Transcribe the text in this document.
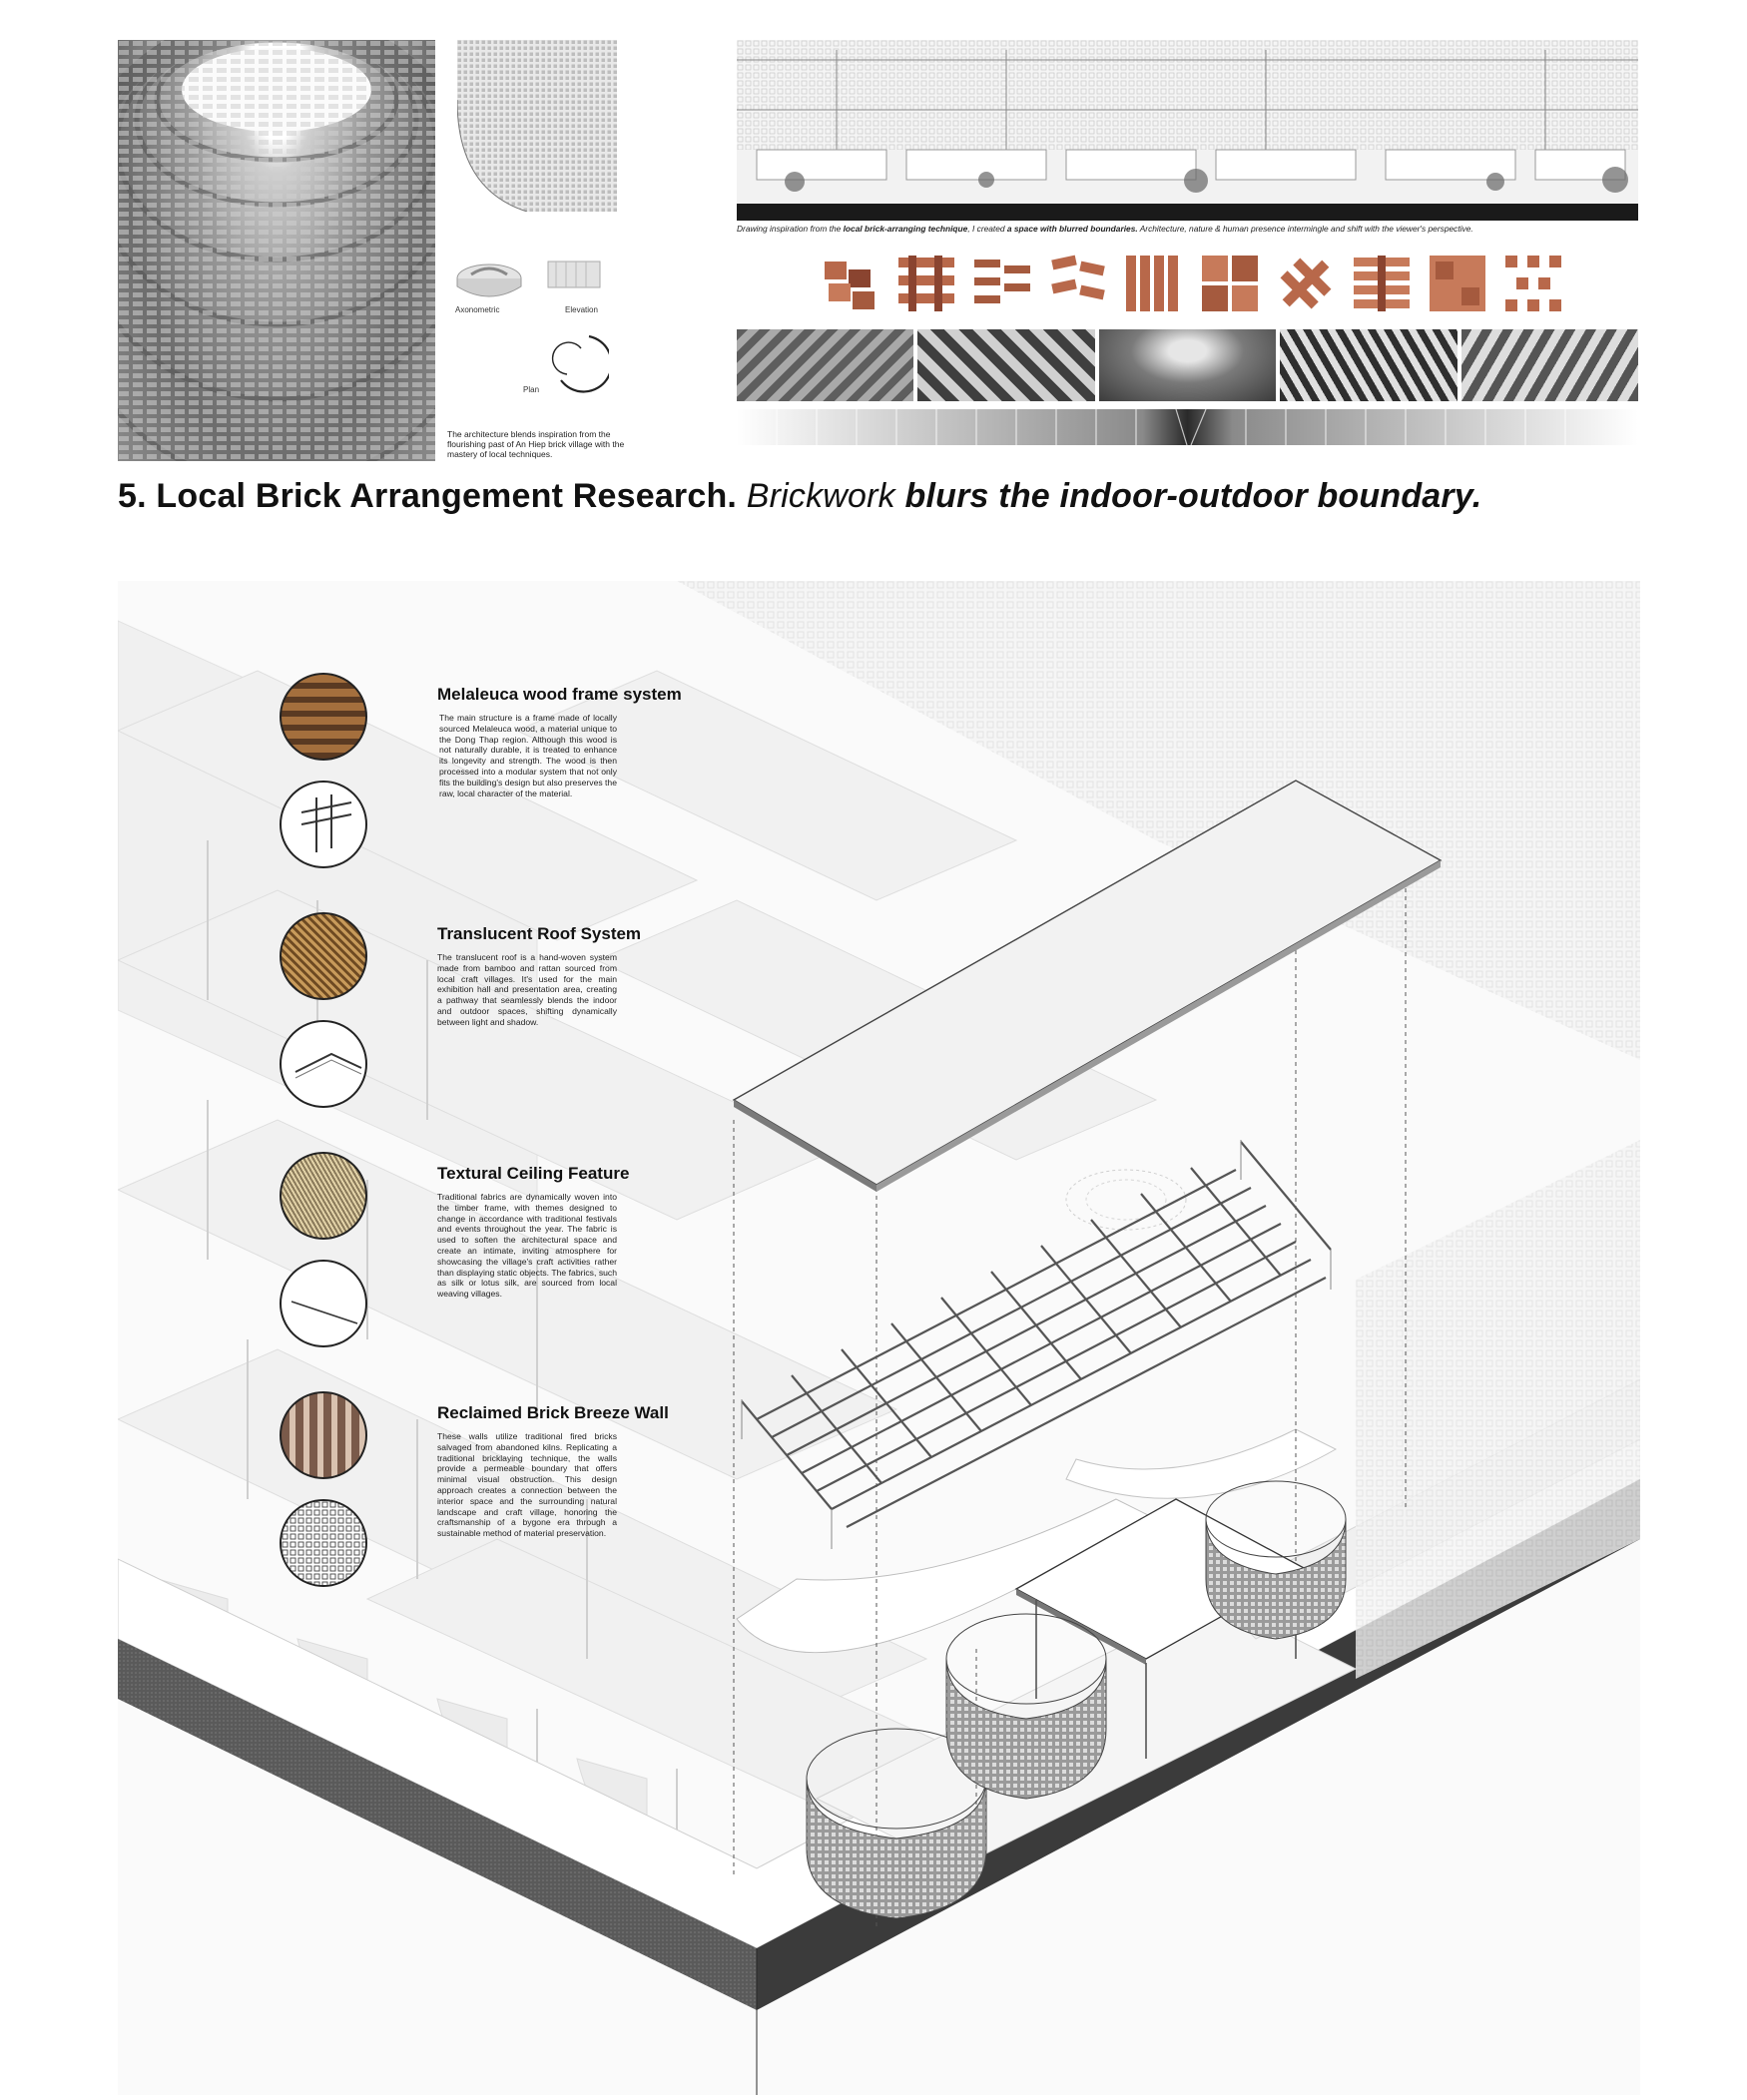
Axonometric	Elevation
Plan
The architecture blends inspiration from the flourishing past of An Hiep brick village with the mastery of local techniques.
Drawing inspiration from the local brick-arranging technique, I created a space with blurred boundaries. Architecture, nature & human presence intermingle and shift with the viewer's perspective.
5. Local Brick Arrangement Research. Brickwork blurs the indoor-outdoor boundary.
Melaleuca wood frame system
The main structure is a frame made of locally sourced Melaleuca wood, a material unique to the Dong Thap region. Although this wood is not naturally durable, it is treated to enhance its longevity and strength. The wood is then processed into a modular system that not only fits the building's design but also preserves the raw, local character of the material.
Translucent Roof System
The translucent roof is a hand-woven system made from bamboo and rattan sourced from local craft villages. It's used for the main exhibition hall and presentation area, creating a pathway that seamlessly blends the indoor and outdoor spaces, shifting dynamically between light and shadow.
Textural Ceiling Feature
Traditional fabrics are dynamically woven into the timber frame, with themes designed to change in accordance with traditional festivals and events throughout the year. The fabric is used to soften the architectural space and create an intimate, inviting atmosphere for showcasing the village's craft activities rather than displaying static objects. The fabrics, such as silk or lotus silk, are sourced from local weaving villages.
Reclaimed Brick Breeze Wall
These walls utilize traditional fired bricks salvaged from abandoned kilns. Replicating a traditional bricklaying technique, the walls provide a permeable boundary that offers minimal visual obstruction. This design approach creates a connection between the interior space and the surrounding natural landscape and craft village, honoring the craftsmanship of a bygone era through a sustainable method of material preservation.
